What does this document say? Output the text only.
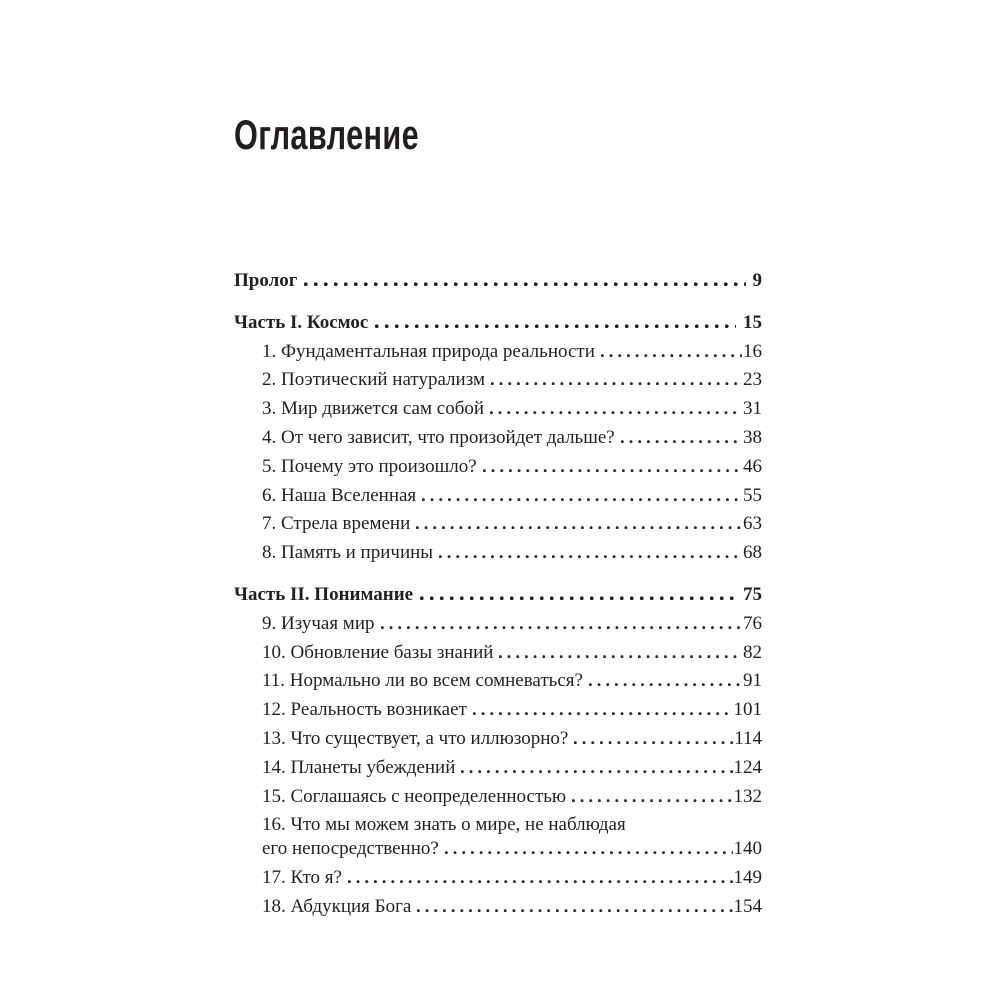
Оглавление
Пролог	9
Часть I. Космос	15
1. Фундаментальная природа реальности	16
2. Поэтический натурализм	23
3. Мир движется сам собой	31
4. От чего зависит, что произойдет дальше?	38
5. Почему это произошло?	46
6. Наша Вселенная	55
7. Стрела времени	63
8. Память и причины	68
Часть II. Понимание	75
9. Изучая мир	76
10. Обновление базы знаний	82
11. Нормально ли во всем сомневаться?	91
12. Реальность возникает	101
13. Что существует, а что иллюзорно?	114
14. Планеты убеждений	124
15. Соглашаясь с неопределенностью	132
16. Что мы можем знать о мире, не наблюдая
его непосредственно?	140
17. Кто я?	149
18. Абдукция Бога	154
